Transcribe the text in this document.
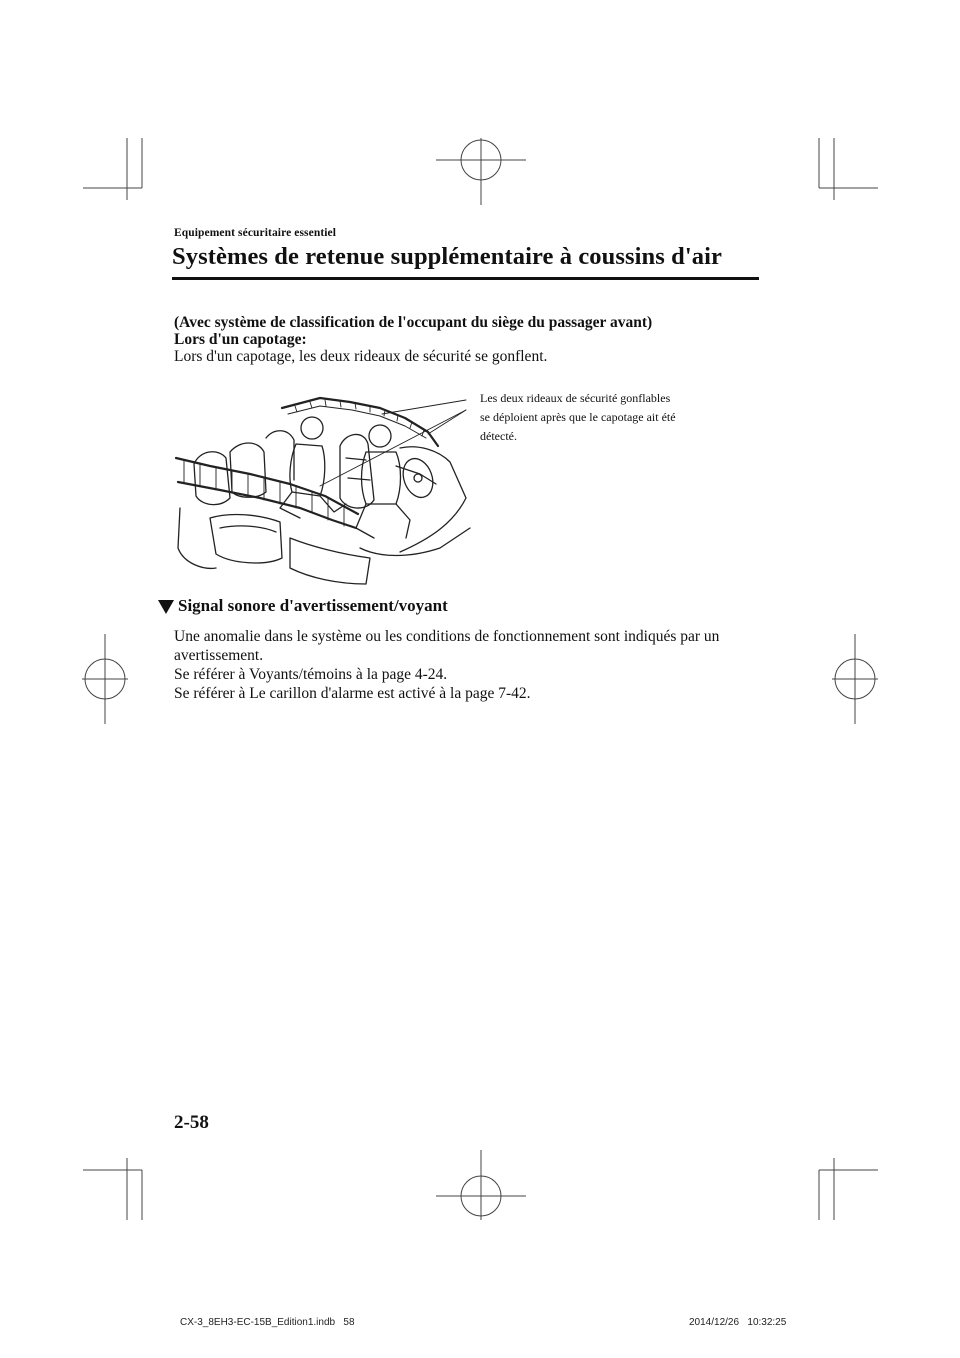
Equipement sécuritaire essentiel
Systèmes de retenue supplémentaire à coussins d'air
(Avec système de classification de l'occupant du siège du passager avant)
Lors d'un capotage:
Lors d'un capotage, les deux rideaux de sécurité se gonflent.
Les deux rideaux de sécurité gonflables
se déploient après que le capotage ait été
détecté.
Signal sonore d'avertissement/voyant
Une anomalie dans le système ou les conditions de fonctionnement sont indiqués par un
avertissement.
Se référer à Voyants/témoins à la page 4-24.
Se référer à Le carillon d'alarme est activé à la page 7-42.
2-58
CX-3_8EH3-EC-15B_Edition1.indb   58	2014/12/26   10:32:25
